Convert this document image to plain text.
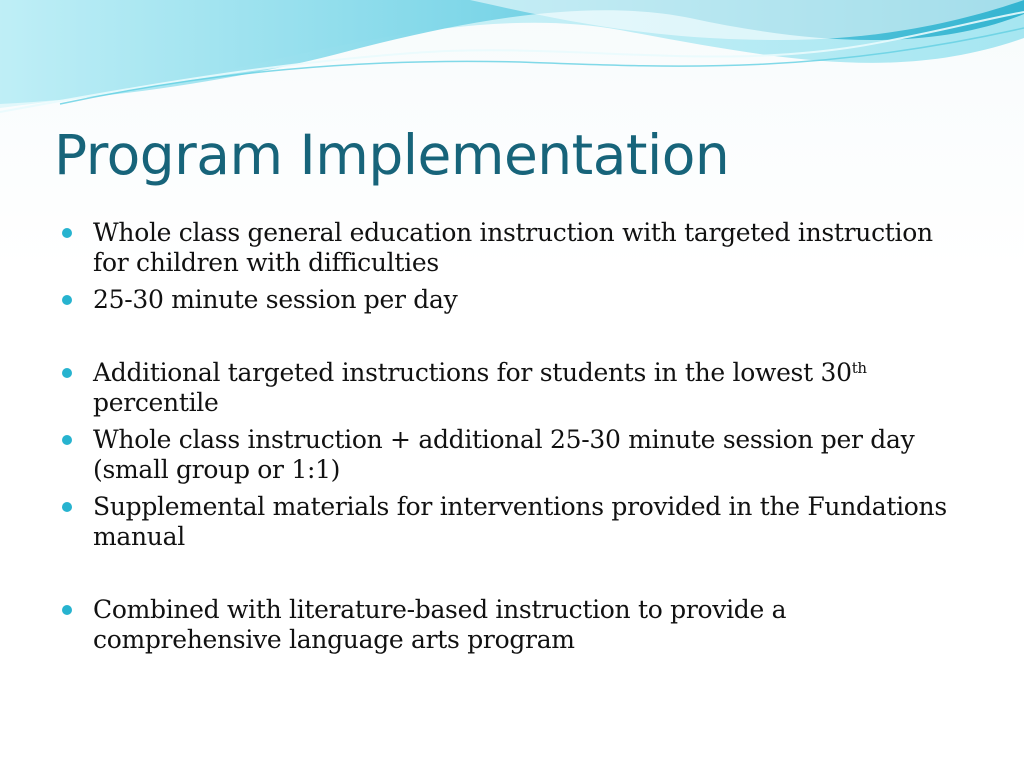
Program Implementation
Whole class general education instruction with targeted instruction for children with difficulties
25-30 minute session per day
Additional targeted instructions for students in the lowest 30th percentile
Whole class instruction + additional 25-30 minute session per day (small group or 1:1)
Supplemental materials for interventions provided in the Fundations manual
Combined with literature-based instruction to provide a comprehensive language arts program
